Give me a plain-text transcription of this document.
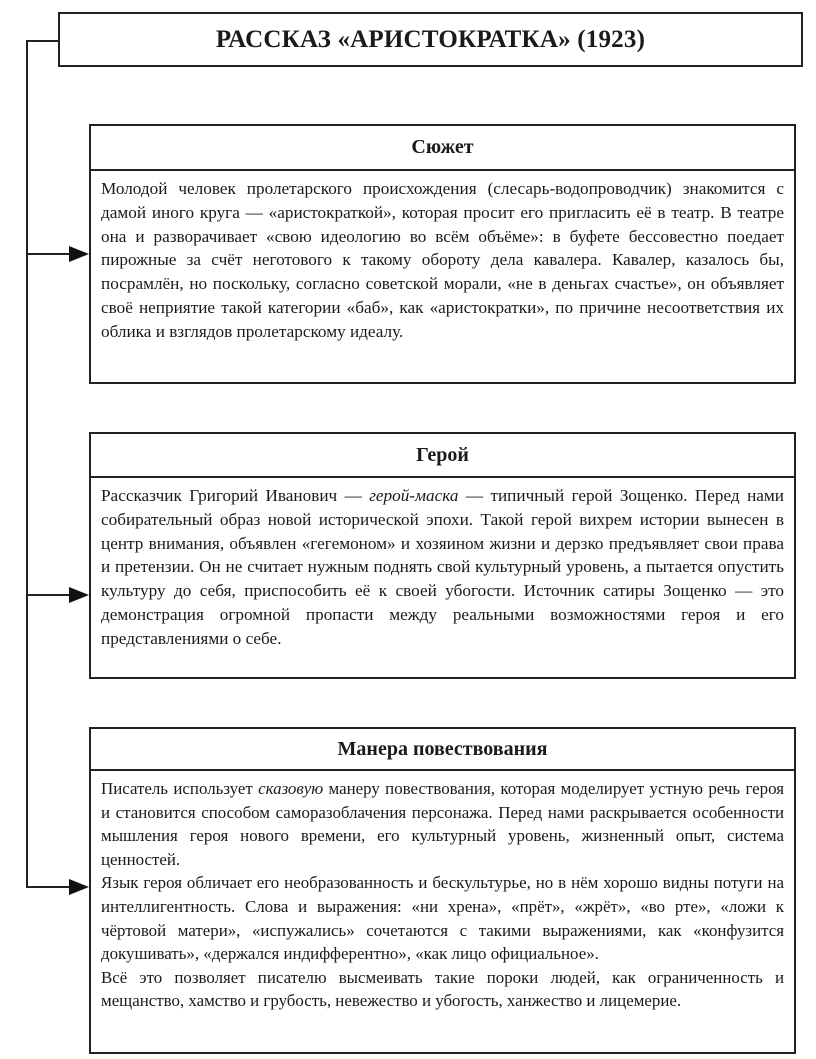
РАССКАЗ «АРИСТОКРАТКА» (1923)
Сюжет

Молодой человек пролетарского происхождения (слесарь-водопроводчик) знакомится с дамой иного круга — «аристократкой», которая просит его пригласить её в театр. В театре она и разворачивает «свою идеологию во всём объёме»: в буфете бессовестно поедает пирожные за счёт неготового к такому обороту дела кавалера. Кавалер, казалось бы, посрамлён, но поскольку, согласно советской морали, «не в деньгах счастье», он объявляет своё неприятие такой категории «баб», как «аристократки», по причине несоответствия их облика и взглядов пролетарскому идеалу.

Герой

Рассказчик Григорий Иванович — герой-маска — типичный герой Зощенко. Перед нами собирательный образ новой исторической эпохи. Такой герой вихрем истории вынесен в центр внимания, объявлен «гегемоном» и хозяином жизни и дерзко предъявляет свои права и претензии. Он не считает нужным поднять свой культурный уровень, а пытается опустить культуру до себя, приспособить её к своей убогости. Источник сатиры Зощенко — это демонстрация огромной пропасти между реальными возможностями героя и его представлениями о себе.

Манера повествования

Писатель использует сказовую манеру повествования, которая моделирует устную речь героя и становится способом саморазоблачения персонажа. Перед нами раскрывается особенности мышления героя нового времени, его культурный уровень, жизненный опыт, система ценностей.

Язык героя обличает его необразованность и бескультурье, но в нём хорошо видны потуги на интеллигентность. Слова и выражения: «ни хрена», «прёт», «жрёт», «во рте», «ложи к чёртовой матери», «испужались» сочетаются с такими выражениями, как «конфузится докушивать», «держался индифферентно», «как лицо официальное».

Всё это позволяет писателю высмеивать такие пороки людей, как ограниченность и мещанство, хамство и грубость, невежество и убогость, ханжество и лицемерие.
